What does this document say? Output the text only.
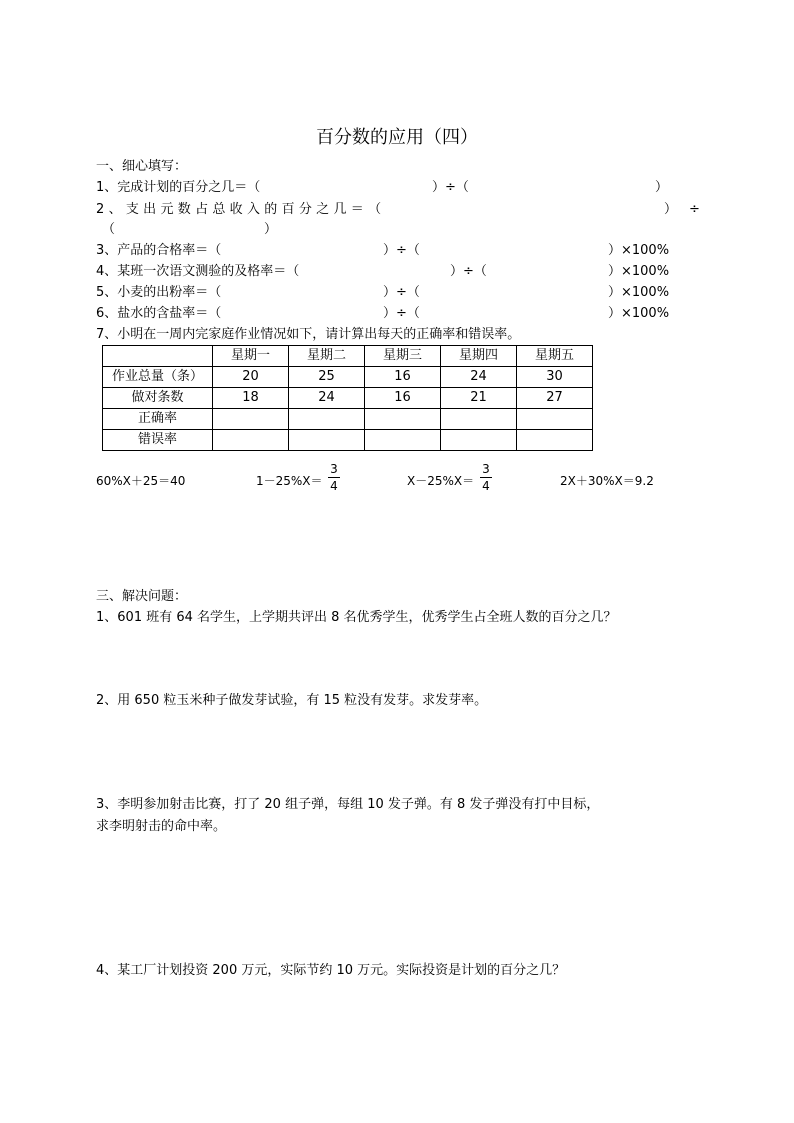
百分数的应用（四）
一、细心填写：
1、完成计划的百分之几＝（	）÷（	）
2、支出元数占总收入的百分之几＝（	）÷
（	）
3、产品的合格率＝（	）÷（	）×100%
4、某班一次语文测验的及格率＝（	）÷（	）×100%
5、小麦的出粉率＝（	）÷（	）×100%
6、盐水的含盐率＝（	）÷（	）×100%
7、小明在一周内完家庭作业情况如下，请计算出每天的正确率和错误率。
	星期一	星期二	星期三	星期四	星期五
作业总量（条）	20	25	16	24	30
做对条数	18	24	16	21	27
正确率					
错误率					
60%X＋25＝40	1－25%X＝
3
4	X－25%X＝
3
4	2X＋30%X＝9.2
三、解决问题：
1、601 班有 64 名学生，上学期共评出 8 名优秀学生，优秀学生占全班人数的百分之几？
2、用 650 粒玉米种子做发芽试验，有 15 粒没有发芽。求发芽率。
3、李明参加射击比赛，打了 20 组子弹，每组 10 发子弹。有 8 发子弹没有打中目标，
求李明射击的命中率。
4、某工厂计划投资 200 万元，实际节约 10 万元。实际投资是计划的百分之几？
